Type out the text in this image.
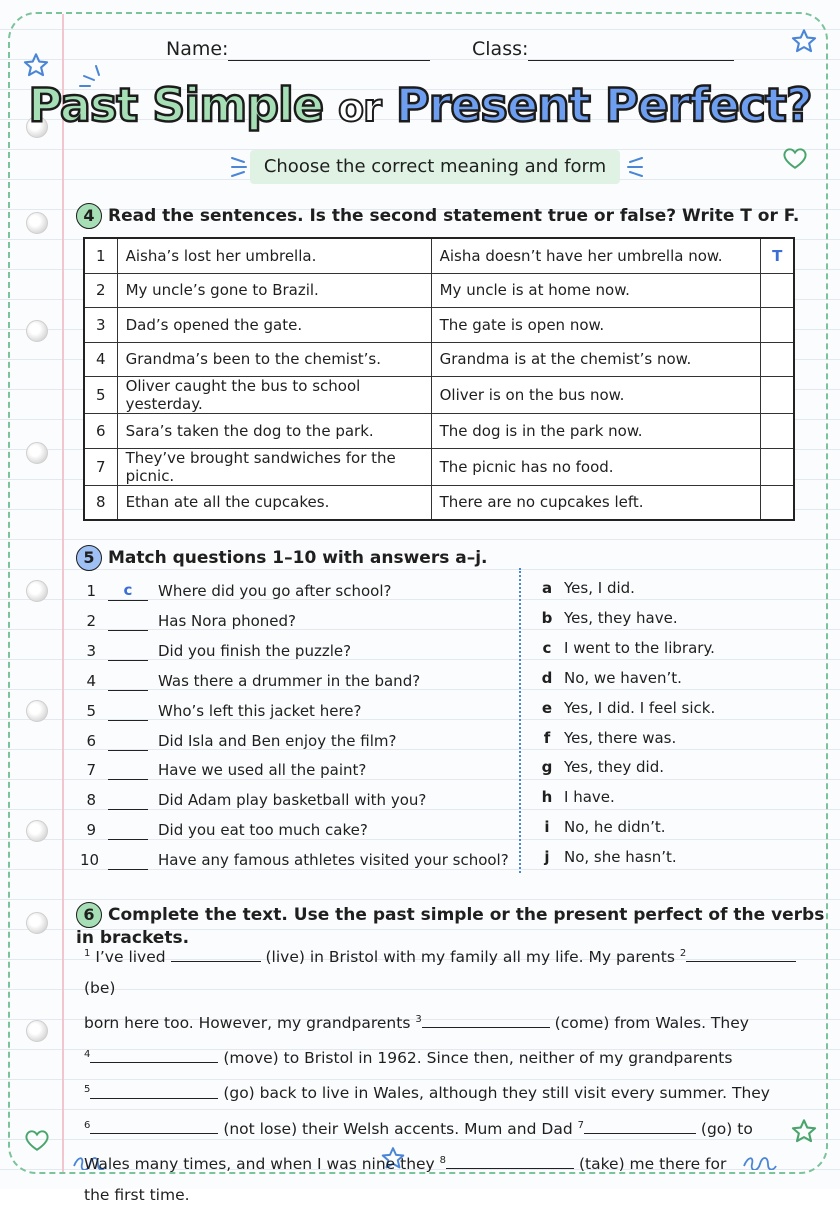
Name:	Class:
Past Simple or Present Perfect?
Choose the correct meaning and form
4 Read the sentences. Is the second statement true or false? Write T or F.
1	Aisha’s lost her umbrella.	Aisha doesn’t have her umbrella now.	T
2	My uncle’s gone to Brazil.	My uncle is at home now.	
3	Dad’s opened the gate.	The gate is open now.	
4	Grandma’s been to the chemist’s.	Grandma is at the chemist’s now.	
5	Oliver caught the bus to school yesterday.	Oliver is on the bus now.	
6	Sara’s taken the dog to the park.	The dog is in the park now.	
7	They’ve brought sandwiches for the picnic.	The picnic has no food.	
8	Ethan ate all the cupcakes.	There are no cupcakes left.	
5 Match questions 1–10 with answers a–j.
1	c	Where did you go after school?
2	Has Nora phoned?
3	Did you finish the puzzle?
4	Was there a drummer in the band?
5	Who’s left this jacket here?
6	Did Isla and Ben enjoy the film?
7	Have we used all the paint?
8	Did Adam play basketball with you?
9	Did you eat too much cake?
10	Have any famous athletes visited your school?
a Yes, I did.
b Yes, they have.
c I went to the library.
d No, we haven’t.
e Yes, I did. I feel sick.
f Yes, there was.
g Yes, they did.
h I have.
i No, he didn’t.
j No, she hasn’t.
6 Complete the text. Use the past simple or the present perfect of the verbs in brackets.
$^1$ I’ve lived	(live) in Bristol with my family all my life. My parents $^2$ (be)
born here too. However, my grandparents $^3$	(come) from Wales. They
$^4$	(move) to Bristol in 1962. Since then, neither of my grandparents
$^5$	(go) back to live in Wales, although they still visit every summer. They
$^6$	(not lose) their Welsh accents. Mum and Dad $^7$	(go) to
Wales many times, and when I was nine they $^8$	(take) me there for
the first time.
